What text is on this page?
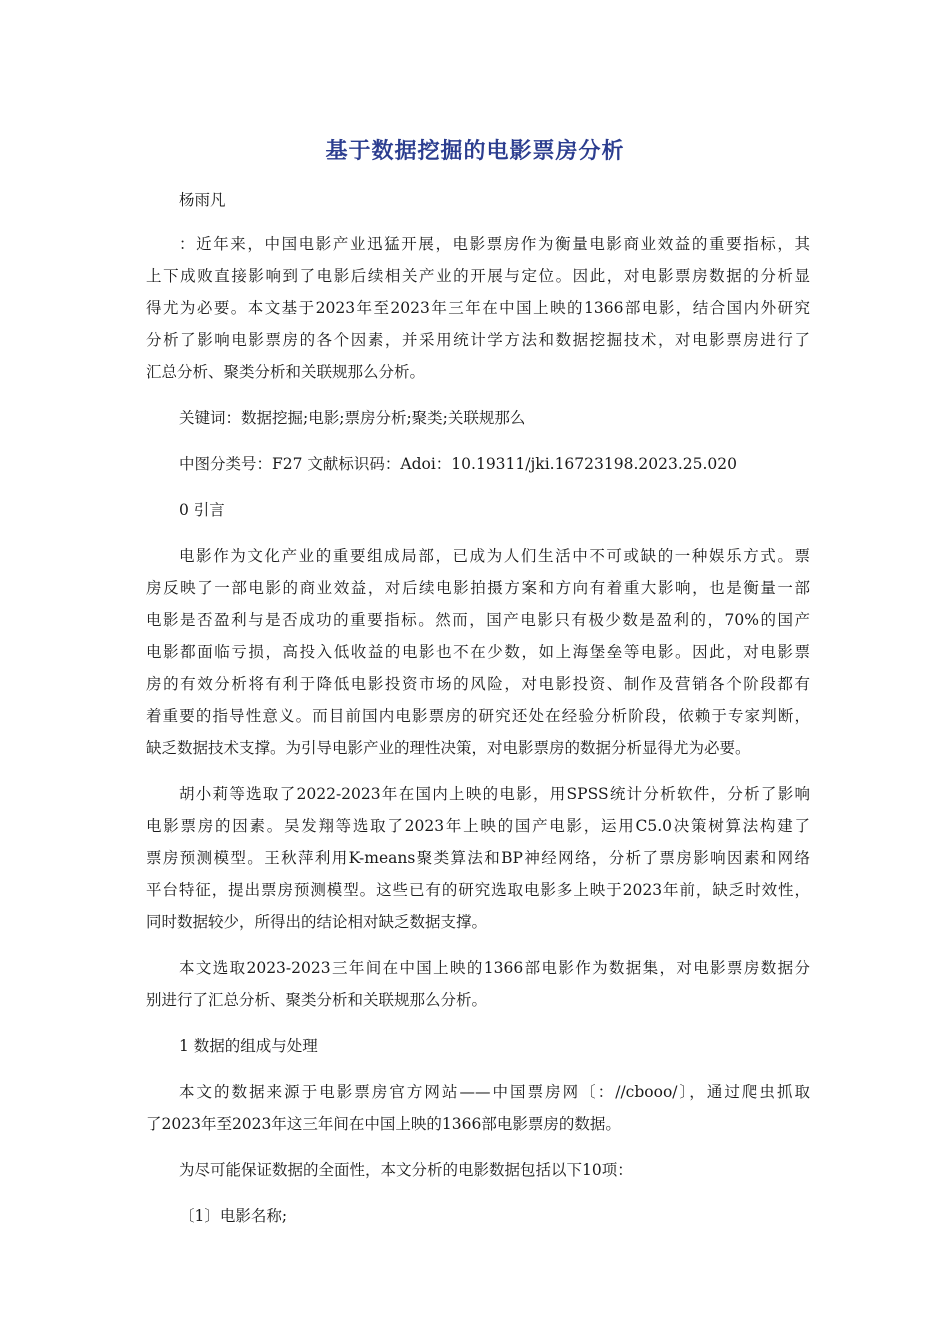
基于数据挖掘的电影票房分析
杨雨凡
：近年来，中国电影产业迅猛开展，电影票房作为衡量电影商业效益的重要指标，其
上下成败直接影响到了电影后续相关产业的开展与定位。因此，对电影票房数据的分析显
得尤为必要。本文基于2023年至2023年三年在中国上映的1366部电影，结合国内外研究
分析了影响电影票房的各个因素，并采用统计学方法和数据挖掘技术，对电影票房进行了
汇总分析、聚类分析和关联规那么分析。
关键词：数据挖掘;电影;票房分析;聚类;关联规那么
中图分类号：F27 文献标识码：Adoi：10.19311/jki.16723198.2023.25.020
0 引言
电影作为文化产业的重要组成局部，已成为人们生活中不可或缺的一种娱乐方式。票
房反映了一部电影的商业效益，对后续电影拍摄方案和方向有着重大影响，也是衡量一部
电影是否盈利与是否成功的重要指标。然而，国产电影只有极少数是盈利的，70%的国产
电影都面临亏损，高投入低收益的电影也不在少数，如上海堡垒等电影。因此，对电影票
房的有效分析将有利于降低电影投资市场的风险，对电影投资、制作及营销各个阶段都有
着重要的指导性意义。而目前国内电影票房的研究还处在经验分析阶段，依赖于专家判断，
缺乏数据技术支撑。为引导电影产业的理性决策，对电影票房的数据分析显得尤为必要。
胡小莉等选取了2022-2023年在国内上映的电影，用SPSS统计分析软件，分析了影响
电影票房的因素。吴发翔等选取了2023年上映的国产电影，运用C5.0决策树算法构建了
票房预测模型。王秋萍利用K-means聚类算法和BP神经网络，分析了票房影响因素和网络
平台特征，提出票房预测模型。这些已有的研究选取电影多上映于2023年前，缺乏时效性，
同时数据较少，所得出的结论相对缺乏数据支撑。
本文选取2023-2023三年间在中国上映的1366部电影作为数据集，对电影票房数据分
别进行了汇总分析、聚类分析和关联规那么分析。
1 数据的组成与处理
本文的数据来源于电影票房官方网站——中国票房网〔：//cbooo/〕，通过爬虫抓取
了2023年至2023年这三年间在中国上映的1366部电影票房的数据。
为尽可能保证数据的全面性，本文分析的电影数据包括以下10项：
〔1〕电影名称;
